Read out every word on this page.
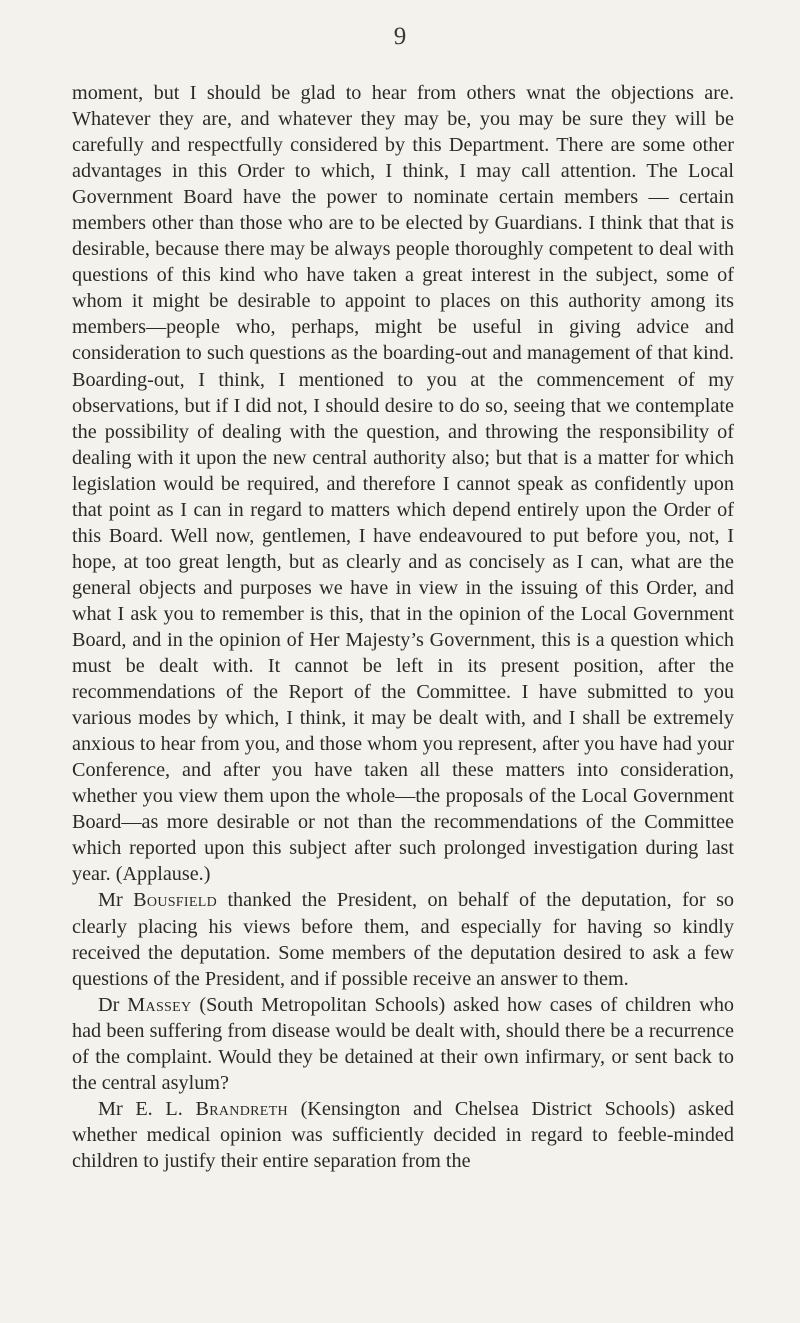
9

moment, but I should be glad to hear from others wnat the objections are. Whatever they are, and whatever they may be, you may be sure they will be carefully and respectfully considered by this Department. There are some other advantages in this Order to which, I think, I may call attention. The Local Government Board have the power to nominate certain members — certain members other than those who are to be elected by Guardians. I think that that is desirable, because there may be always people thoroughly competent to deal with questions of this kind who have taken a great interest in the subject, some of whom it might be desirable to appoint to places on this authority among its members—people who, perhaps, might be useful in giving advice and consideration to such questions as the boarding-out and management of that kind. Boarding-out, I think, I mentioned to you at the commencement of my observations, but if I did not, I should desire to do so, seeing that we contemplate the possibility of dealing with the question, and throwing the responsibility of dealing with it upon the new central authority also; but that is a matter for which legislation would be required, and therefore I cannot speak as confidently upon that point as I can in regard to matters which depend entirely upon the Order of this Board. Well now, gentlemen, I have endeavoured to put before you, not, I hope, at too great length, but as clearly and as concisely as I can, what are the general objects and purposes we have in view in the issuing of this Order, and what I ask you to remember is this, that in the opinion of the Local Government Board, and in the opinion of Her Majesty’s Government, this is a question which must be dealt with. It cannot be left in its present position, after the recommendations of the Report of the Committee. I have submitted to you various modes by which, I think, it may be dealt with, and I shall be extremely anxious to hear from you, and those whom you represent, after you have had your Conference, and after you have taken all these matters into consideration, whether you view them upon the whole—the proposals of the Local Government Board—as more desirable or not than the recommendations of the Committee which reported upon this subject after such prolonged investigation during last year. (Applause.)

Mr Bousfield thanked the President, on behalf of the deputation, for so clearly placing his views before them, and especially for having so kindly received the deputation. Some members of the deputation desired to ask a few questions of the President, and if possible receive an answer to them.

Dr Massey (South Metropolitan Schools) asked how cases of children who had been suffering from disease would be dealt with, should there be a recurrence of the complaint. Would they be detained at their own infirmary, or sent back to the central asylum?

Mr E. L. Brandreth (Kensington and Chelsea District Schools) asked whether medical opinion was sufficiently decided in regard to feeble-minded children to justify their entire separation from the
